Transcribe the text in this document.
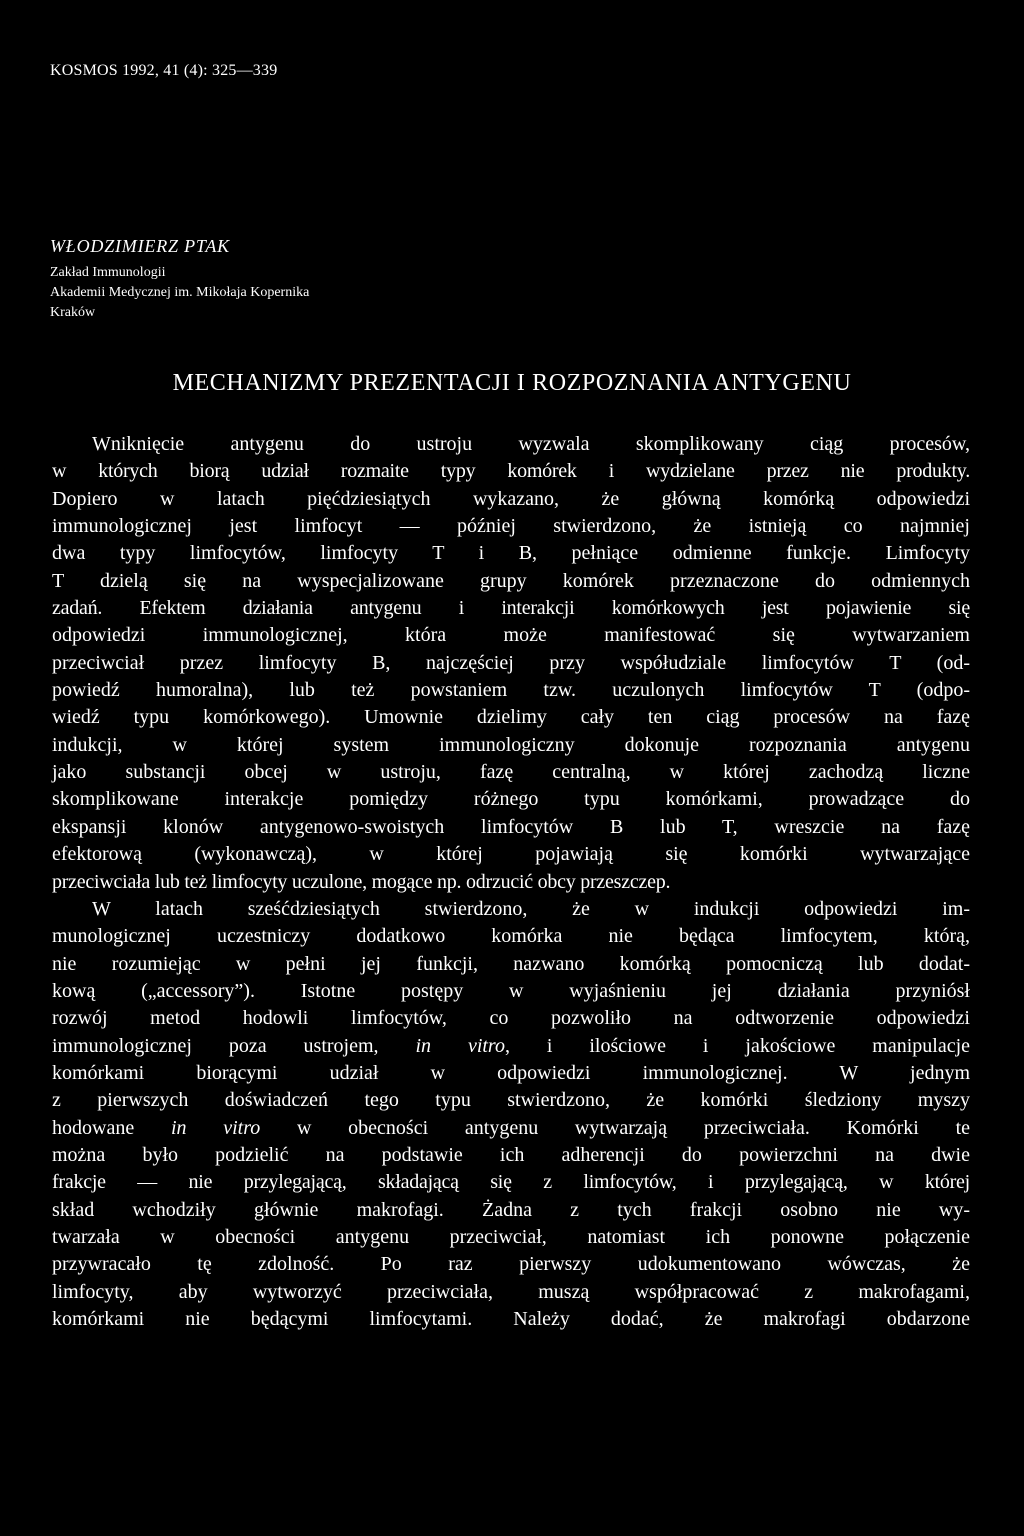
KOSMOS 1992, 41 (4): 325—339
WŁODZIMIERZ PTAK
Zakład Immunologii
Akademii Medycznej im. Mikołaja Kopernika
Kraków
MECHANIZMY PREZENTACJI I ROZPOZNANIA ANTYGENU
Wniknięcie antygenu do ustroju wyzwala skomplikowany ciąg procesów,
w których biorą udział rozmaite typy komórek i wydzielane przez nie produkty.
Dopiero w latach pięćdziesiątych wykazano, że główną komórką odpowiedzi
immunologicznej jest limfocyt — później stwierdzono, że istnieją co najmniej
dwa typy limfocytów, limfocyty T i B, pełniące odmienne funkcje. Limfocyty
T dzielą się na wyspecjalizowane grupy komórek przeznaczone do odmiennych
zadań. Efektem działania antygenu i interakcji komórkowych jest pojawienie się
odpowiedzi immunologicznej, która może manifestować się wytwarzaniem
przeciwciał przez limfocyty B, najczęściej przy współudziale limfocytów T (od-
powiedź humoralna), lub też powstaniem tzw. uczulonych limfocytów T (odpo-
wiedź typu komórkowego). Umownie dzielimy cały ten ciąg procesów na fazę
indukcji, w której system immunologiczny dokonuje rozpoznania antygenu
jako substancji obcej w ustroju, fazę centralną, w której zachodzą liczne
skomplikowane interakcje pomiędzy różnego typu komórkami, prowadzące do
ekspansji klonów antygenowo-swoistych limfocytów B lub T, wreszcie na fazę
efektorową (wykonawczą), w której pojawiają się komórki wytwarzające
przeciwciała lub też limfocyty uczulone, mogące np. odrzucić obcy przeszczep.
W latach sześćdziesiątych stwierdzono, że w indukcji odpowiedzi im-
munologicznej uczestniczy dodatkowo komórka nie będąca limfocytem, którą,
nie rozumiejąc w pełni jej funkcji, nazwano komórką pomocniczą lub dodat-
kową („accessory”). Istotne postępy w wyjaśnieniu jej działania przyniósł
rozwój metod hodowli limfocytów, co pozwoliło na odtworzenie odpowiedzi
immunologicznej poza ustrojem, in vitro, i ilościowe i jakościowe manipulacje
komórkami biorącymi udział w odpowiedzi immunologicznej. W jednym
z pierwszych doświadczeń tego typu stwierdzono, że komórki śledziony myszy
hodowane in vitro w obecności antygenu wytwarzają przeciwciała. Komórki te
można było podzielić na podstawie ich adherencji do powierzchni na dwie
frakcje — nie przylegającą, składającą się z limfocytów, i przylegającą, w której
skład wchodziły głównie makrofagi. Żadna z tych frakcji osobno nie wy-
twarzała w obecności antygenu przeciwciał, natomiast ich ponowne połączenie
przywracało tę zdolność. Po raz pierwszy udokumentowano wówczas, że
limfocyty, aby wytworzyć przeciwciała, muszą współpracować z makrofagami,
komórkami nie będącymi limfocytami. Należy dodać, że makrofagi obdarzone
